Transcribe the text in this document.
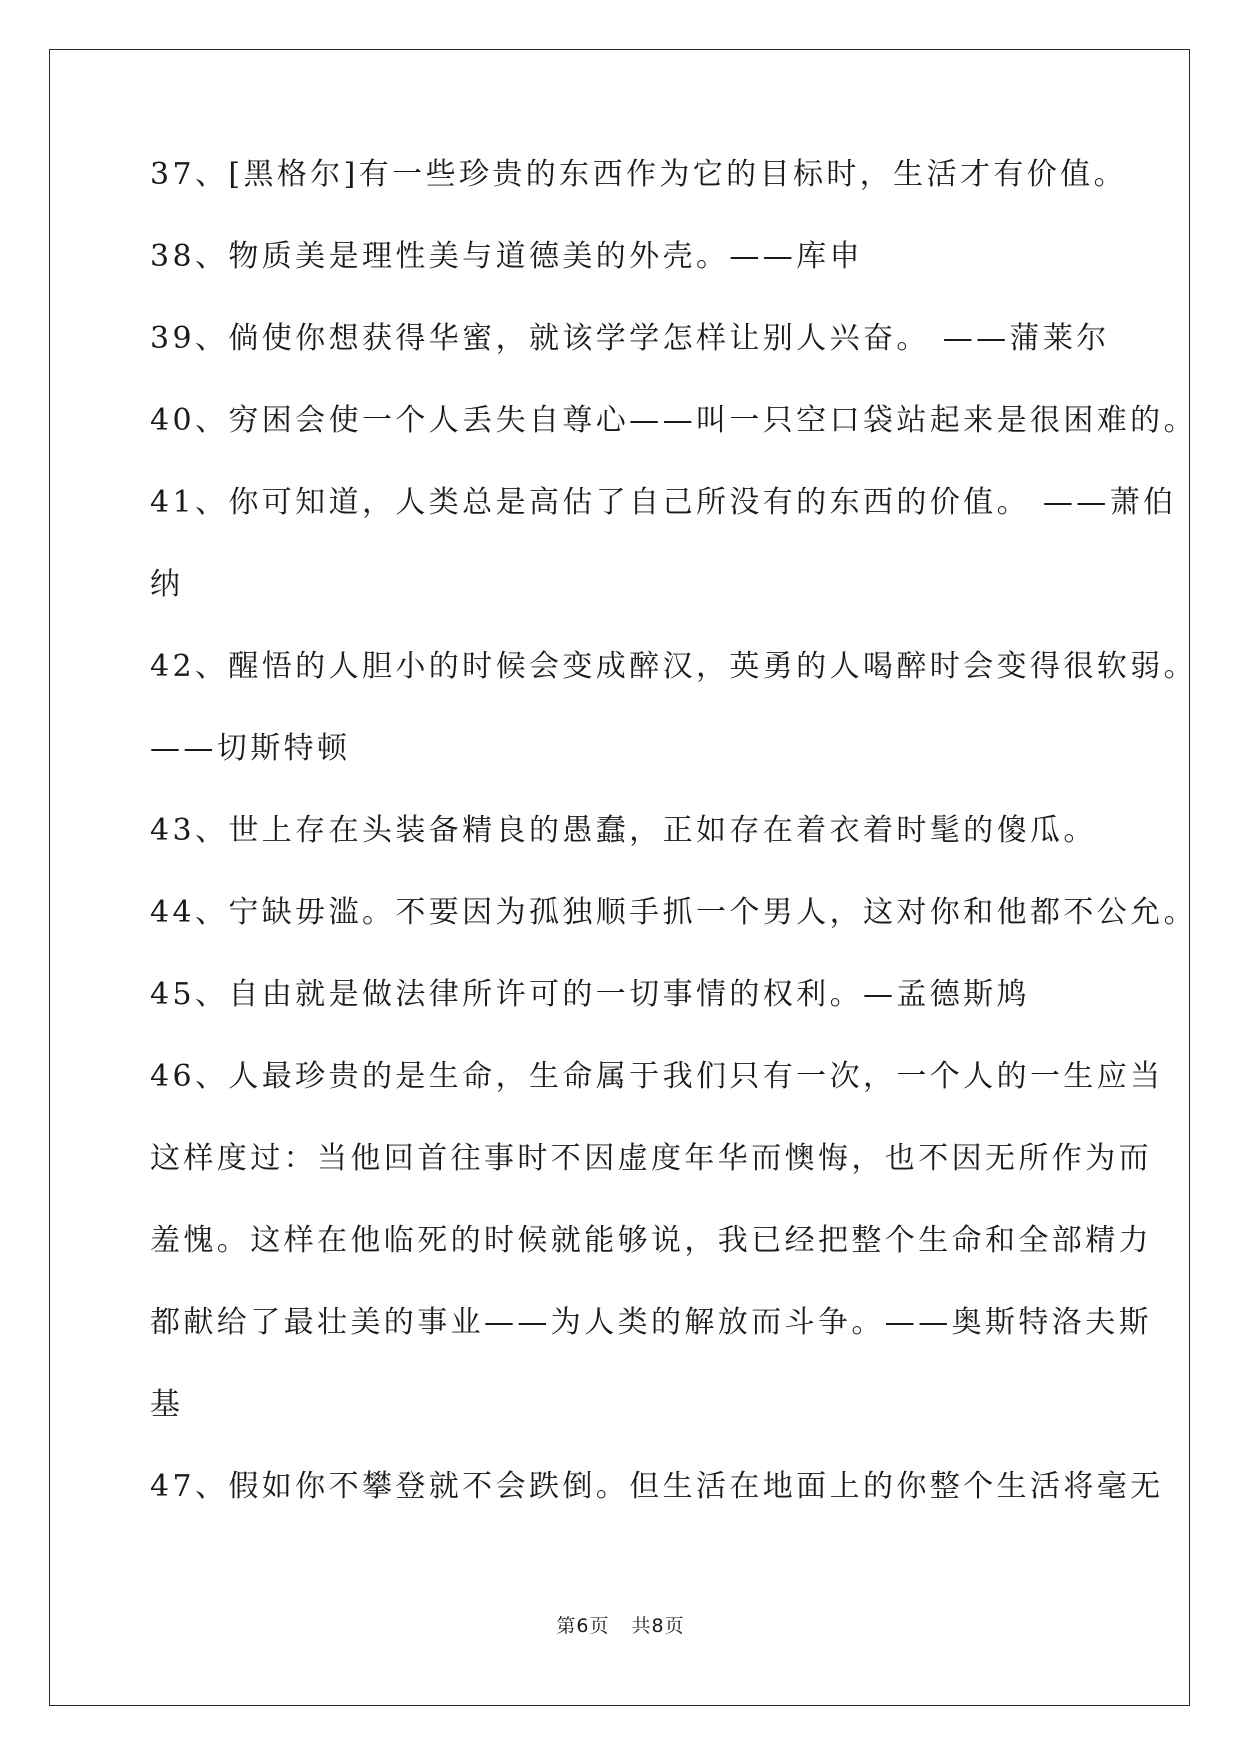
37、[黑格尔]有一些珍贵的东西作为它的目标时，生活才有价值。
38、物质美是理性美与道德美的外壳。——库申
39、倘使你想获得华蜜，就该学学怎样让别人兴奋。 ——蒲莱尔
40、穷困会使一个人丢失自尊心——叫一只空口袋站起来是很困难的。
41、你可知道，人类总是高估了自己所没有的东西的价值。 ——萧伯
纳
42、醒悟的人胆小的时候会变成醉汉，英勇的人喝醉时会变得很软弱。
——切斯特顿
43、世上存在头装备精良的愚蠢，正如存在着衣着时髦的傻瓜。
44、宁缺毋滥。不要因为孤独顺手抓一个男人，这对你和他都不公允。
45、自由就是做法律所许可的一切事情的权利。—孟德斯鸠
46、人最珍贵的是生命，生命属于我们只有一次，一个人的一生应当
这样度过：当他回首往事时不因虚度年华而懊悔，也不因无所作为而
羞愧。这样在他临死的时候就能够说，我已经把整个生命和全部精力
都献给了最壮美的事业——为人类的解放而斗争。——奥斯特洛夫斯
基
47、假如你不攀登就不会跌倒。但生活在地面上的你整个生活将毫无
第6页 共8页
